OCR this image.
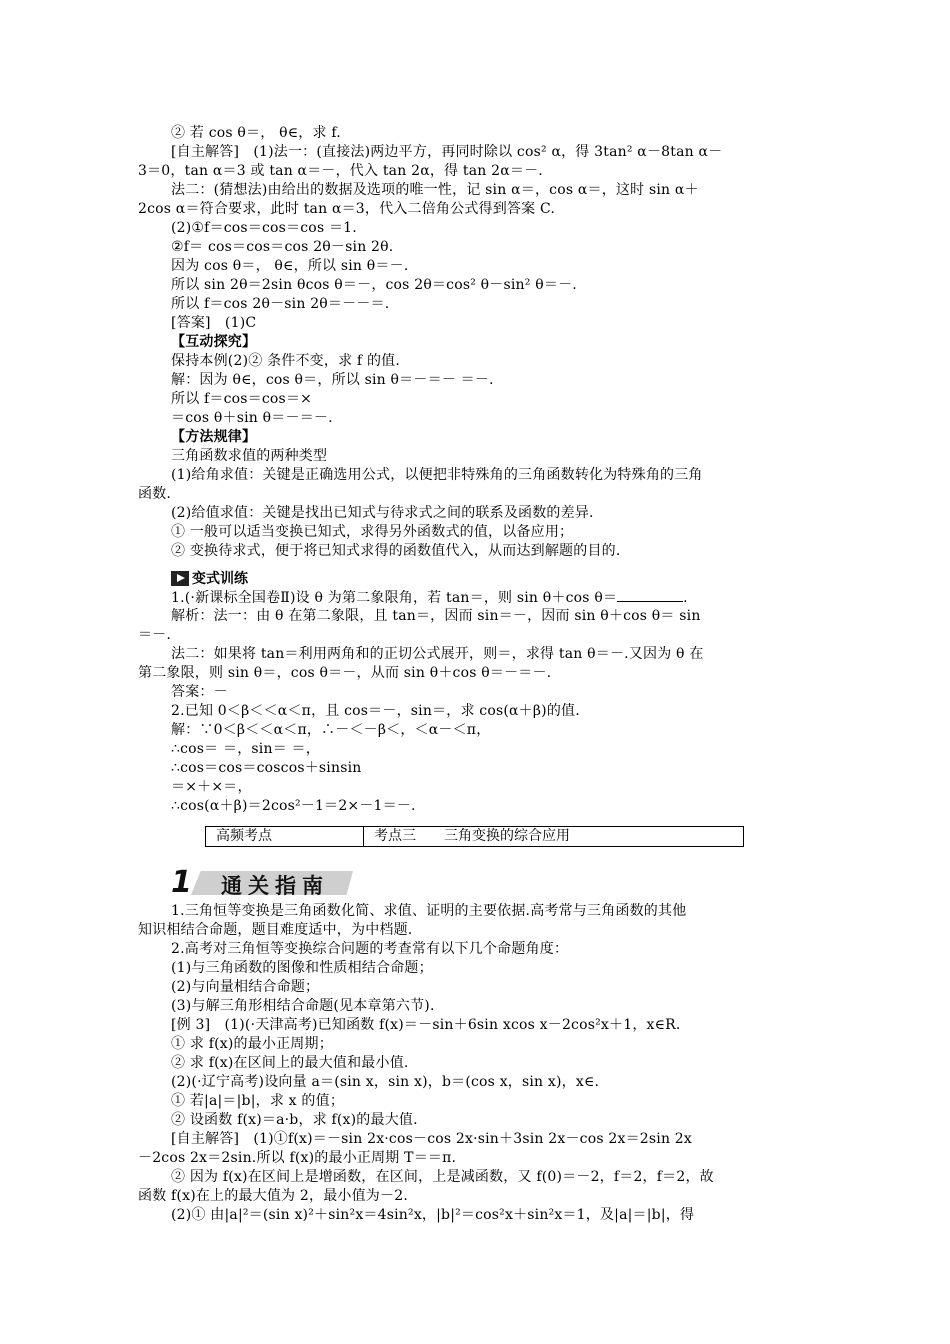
② 若 cos θ＝， θ∈，求 f.
[自主解答]　(1)法一：(直接法)两边平方，再同时除以 cos² α，得 3tan² α－8tan α－
3＝0，tan α＝3 或 tan α＝－，代入 tan 2α，得 tan 2α＝－.
法二：(猜想法)由给出的数据及选项的唯一性，记 sin α＝，cos α＝，这时 sin α＋
2cos α＝符合要求，此时 tan α＝3，代入二倍角公式得到答案 C.
(2)①f＝cos＝cos＝cos ＝1.
②f＝ cos＝cos＝cos 2θ－sin 2θ.
因为 cos θ＝， θ∈，所以 sin θ＝－.
所以 sin 2θ＝2sin θcos θ＝－，cos 2θ＝cos² θ－sin² θ＝－.
所以 f＝cos 2θ－sin 2θ＝－－＝.
[答案]　(1)C
【互动探究】
保持本例(2)② 条件不变，求 f 的值.
解：因为 θ∈，cos θ＝，所以 sin θ＝－＝－ ＝－.
所以 f＝cos＝cos＝×
＝cos θ＋sin θ＝－＝－.
【方法规律】
三角函数求值的两种类型
(1)给角求值：关键是正确选用公式，以便把非特殊角的三角函数转化为特殊角的三角
函数.
(2)给值求值：关键是找出已知式与待求式之间的联系及函数的差异.
① 一般可以适当变换已知式，求得另外函数式的值，以备应用；
② 变换待求式，便于将已知式求得的函数值代入，从而达到解题的目的.
变式训练
1.(·新课标全国卷Ⅱ)设 θ 为第二象限角，若 tan＝，则 sin θ＋cos θ＝	.
解析：法一：由 θ 在第二象限，且 tan＝，因而 sin＝－，因而 sin θ＋cos θ＝ sin
＝－.
法二：如果将 tan＝利用两角和的正切公式展开，则＝，求得 tan θ＝－.又因为 θ 在
第二象限，则 sin θ＝，cos θ＝－，从而 sin θ＋cos θ＝－＝－.
答案：－
2.已知 0＜β＜＜α＜π，且 cos＝－，sin＝，求 cos(α＋β)的值.
解：∵0＜β＜＜α＜π，∴－＜－β＜，＜α－＜π，
∴cos＝ ＝，sin＝ ＝，
∴cos＝cos＝coscos＋sinsin
＝×＋×＝，
∴cos(α＋β)＝2cos²－1＝2×－1＝－.
高频考点	考点三　　三角变换的综合应用
1 通关指南
1.三角恒等变换是三角函数化简、求值、证明的主要依据.高考常与三角函数的其他
知识相结合命题，题目难度适中，为中档题.
2.高考对三角恒等变换综合问题的考查常有以下几个命题角度：
(1)与三角函数的图像和性质相结合命题；
(2)与向量相结合命题；
(3)与解三角形相结合命题(见本章第六节).
[例 3]　(1)(·天津高考)已知函数 f(x)＝－sin＋6sin xcos x－2cos²x＋1，x∈R.
① 求 f(x)的最小正周期；
② 求 f(x)在区间上的最大值和最小值.
(2)(·辽宁高考)设向量 a＝(sin x，sin x)，b＝(cos x，sin x)，x∈.
① 若|a|＝|b|，求 x 的值；
② 设函数 f(x)＝a·b，求 f(x)的最大值.
[自主解答]　(1)①f(x)＝－sin 2x·cos－cos 2x·sin＋3sin 2x－cos 2x＝2sin 2x
－2cos 2x＝2sin.所以 f(x)的最小正周期 T＝＝π.
② 因为 f(x)在区间上是增函数，在区间，上是减函数，又 f(0)＝－2，f＝2，f＝2，故
函数 f(x)在上的最大值为 2，最小值为－2.
(2)① 由|a|²＝(sin x)²＋sin²x＝4sin²x，|b|²＝cos²x＋sin²x＝1，及|a|＝|b|，得
